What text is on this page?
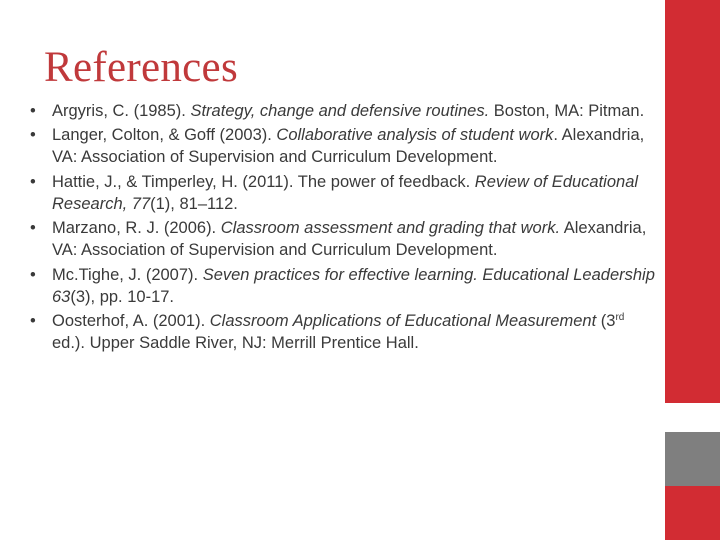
References
• Argyris, C. (1985). Strategy, change and defensive routines. Boston, MA: Pitman.
• Langer, Colton, & Goff (2003). Collaborative analysis of student work. Alexandria, VA: Association of Supervision and Curriculum Development.
• Hattie, J., & Timperley, H. (2011). The power of feedback. Review of Educational Research, 77(1), 81–112.
• Marzano, R. J. (2006). Classroom assessment and grading that work. Alexandria, VA: Association of Supervision and Curriculum Development.
• Mc.Tighe, J. (2007). Seven practices for effective learning. Educational Leadership 63(3), pp. 10-17.
• Oosterhof, A. (2001). Classroom Applications of Educational Measurement (3rd ed.). Upper Saddle River, NJ: Merrill Prentice Hall.
